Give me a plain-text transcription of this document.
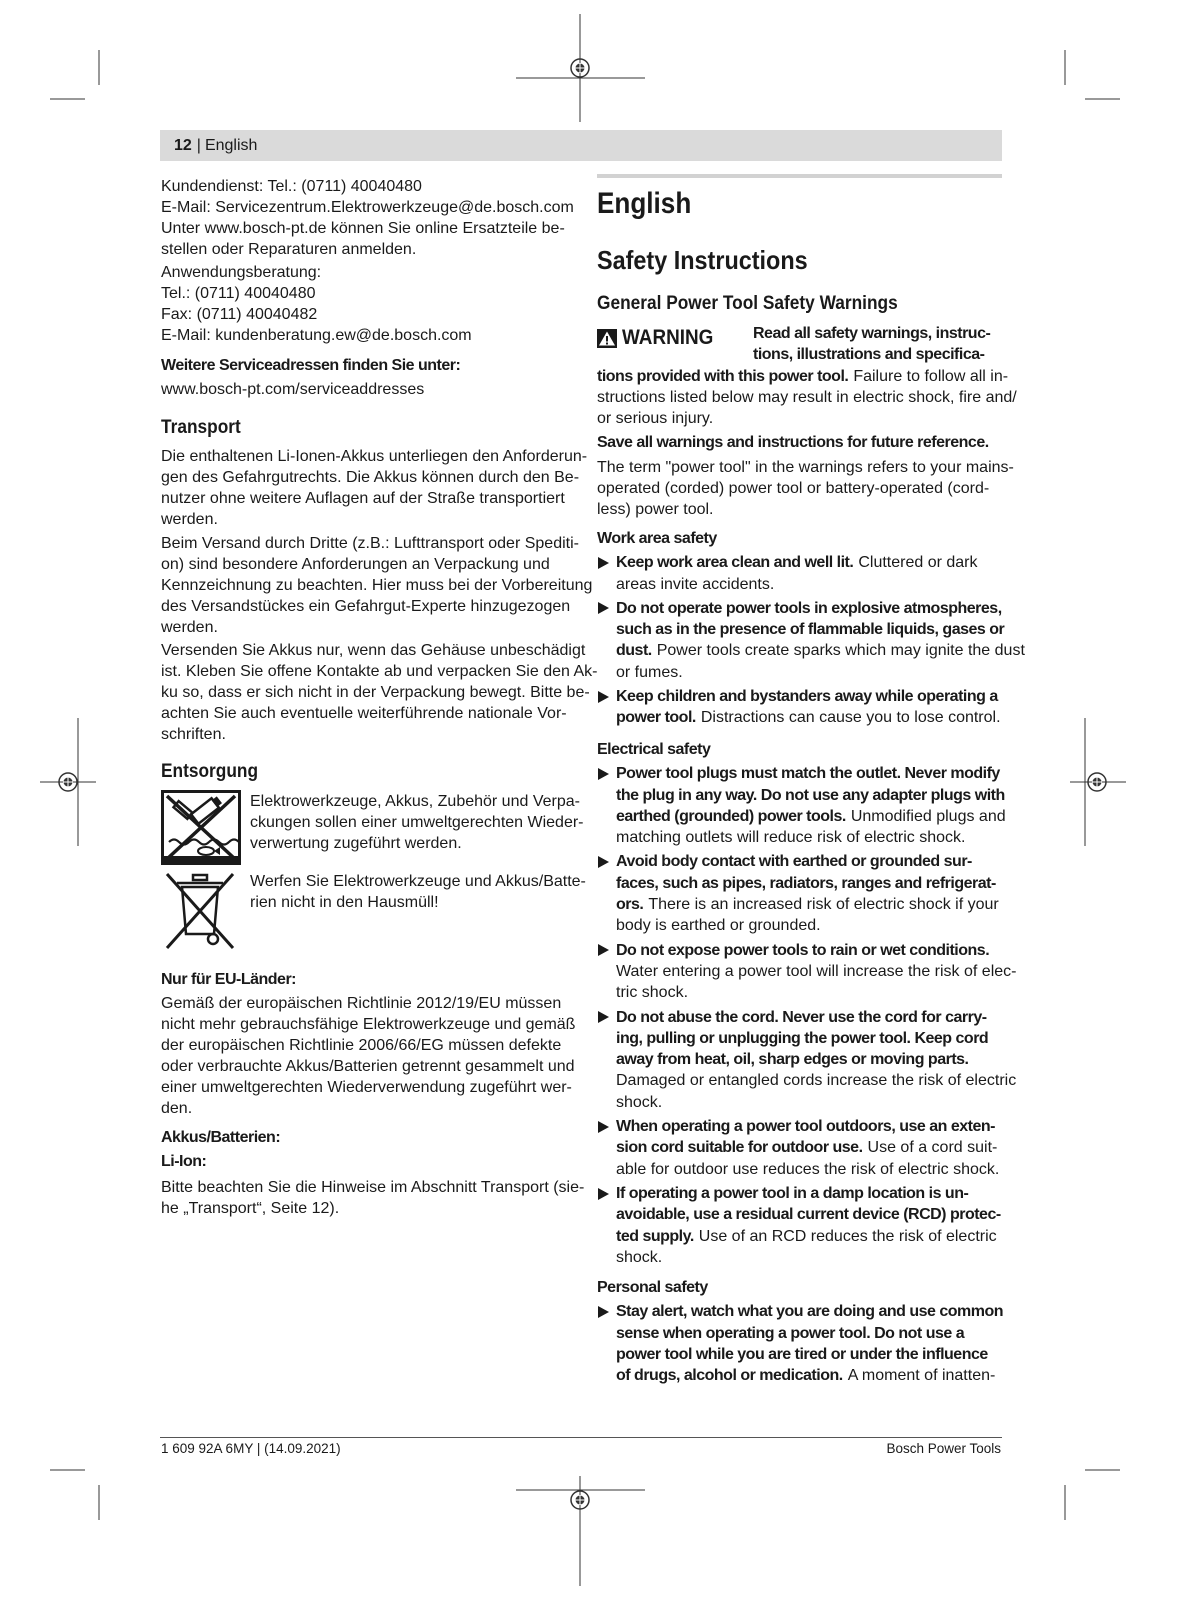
12 | English
Kundendienst: Tel.: (0711) 40040480
E-Mail: Servicezentrum.Elektrowerkzeuge@de.bosch.com
Unter www.bosch-pt.de können Sie online Ersatzteile be-
stellen oder Reparaturen anmelden.
Anwendungsberatung:
Tel.: (0711) 40040480
Fax: (0711) 40040482
E-Mail: kundenberatung.ew@de.bosch.com
Weitere Serviceadressen finden Sie unter:
www.bosch-pt.com/serviceaddresses
Transport
Die enthaltenen Li-Ionen-Akkus unterliegen den Anforderun-
gen des Gefahrgutrechts. Die Akkus können durch den Be-
nutzer ohne weitere Auflagen auf der Straße transportiert
werden.
Beim Versand durch Dritte (z.B.: Lufttransport oder Spediti-
on) sind besondere Anforderungen an Verpackung und
Kennzeichnung zu beachten. Hier muss bei der Vorbereitung
des Versandstückes ein Gefahrgut-Experte hinzugezogen
werden.
Versenden Sie Akkus nur, wenn das Gehäuse unbeschädigt
ist. Kleben Sie offene Kontakte ab und verpacken Sie den Ak-
ku so, dass er sich nicht in der Verpackung bewegt. Bitte be-
achten Sie auch eventuelle weiterführende nationale Vor-
schriften.
Entsorgung
Elektrowerkzeuge, Akkus, Zubehör und Verpa-
ckungen sollen einer umweltgerechten Wieder-
verwertung zugeführt werden.
Werfen Sie Elektrowerkzeuge und Akkus/Batte-
rien nicht in den Hausmüll!
Nur für EU-Länder:
Gemäß der europäischen Richtlinie 2012/19/EU müssen
nicht mehr gebrauchsfähige Elektrowerkzeuge und gemäß
der europäischen Richtlinie 2006/66/EG müssen defekte
oder verbrauchte Akkus/Batterien getrennt gesammelt und
einer umweltgerechten Wiederverwendung zugeführt wer-
den.
Akkus/Batterien:
Li-Ion:
Bitte beachten Sie die Hinweise im Abschnitt Transport (sie-
he „Transport“, Seite 12).
English
Safety Instructions
General Power Tool Safety Warnings
WARNING Read all safety warnings, instruc-
tions, illustrations and specifica-
tions provided with this power tool. Failure to follow all in-
structions listed below may result in electric shock, fire and/
or serious injury.
Save all warnings and instructions for future reference.
The term "power tool" in the warnings refers to your mains-
operated (corded) power tool or battery-operated (cord-
less) power tool.
Work area safety
Keep work area clean and well lit. Cluttered or dark
areas invite accidents.
Do not operate power tools in explosive atmospheres,
such as in the presence of flammable liquids, gases or
dust. Power tools create sparks which may ignite the dust
or fumes.
Keep children and bystanders away while operating a
power tool. Distractions can cause you to lose control.
Electrical safety
Power tool plugs must match the outlet. Never modify
the plug in any way. Do not use any adapter plugs with
earthed (grounded) power tools. Unmodified plugs and
matching outlets will reduce risk of electric shock.
Avoid body contact with earthed or grounded sur-
faces, such as pipes, radiators, ranges and refrigerat-
ors. There is an increased risk of electric shock if your
body is earthed or grounded.
Do not expose power tools to rain or wet conditions.
Water entering a power tool will increase the risk of elec-
tric shock.
Do not abuse the cord. Never use the cord for carry-
ing, pulling or unplugging the power tool. Keep cord
away from heat, oil, sharp edges or moving parts.
Damaged or entangled cords increase the risk of electric
shock.
When operating a power tool outdoors, use an exten-
sion cord suitable for outdoor use. Use of a cord suit-
able for outdoor use reduces the risk of electric shock.
If operating a power tool in a damp location is un-
avoidable, use a residual current device (RCD) protec-
ted supply. Use of an RCD reduces the risk of electric
shock.
Personal safety
Stay alert, watch what you are doing and use common
sense when operating a power tool. Do not use a
power tool while you are tired or under the influence
of drugs, alcohol or medication. A moment of inatten-
1 609 92A 6MY | (14.09.2021)	Bosch Power Tools
